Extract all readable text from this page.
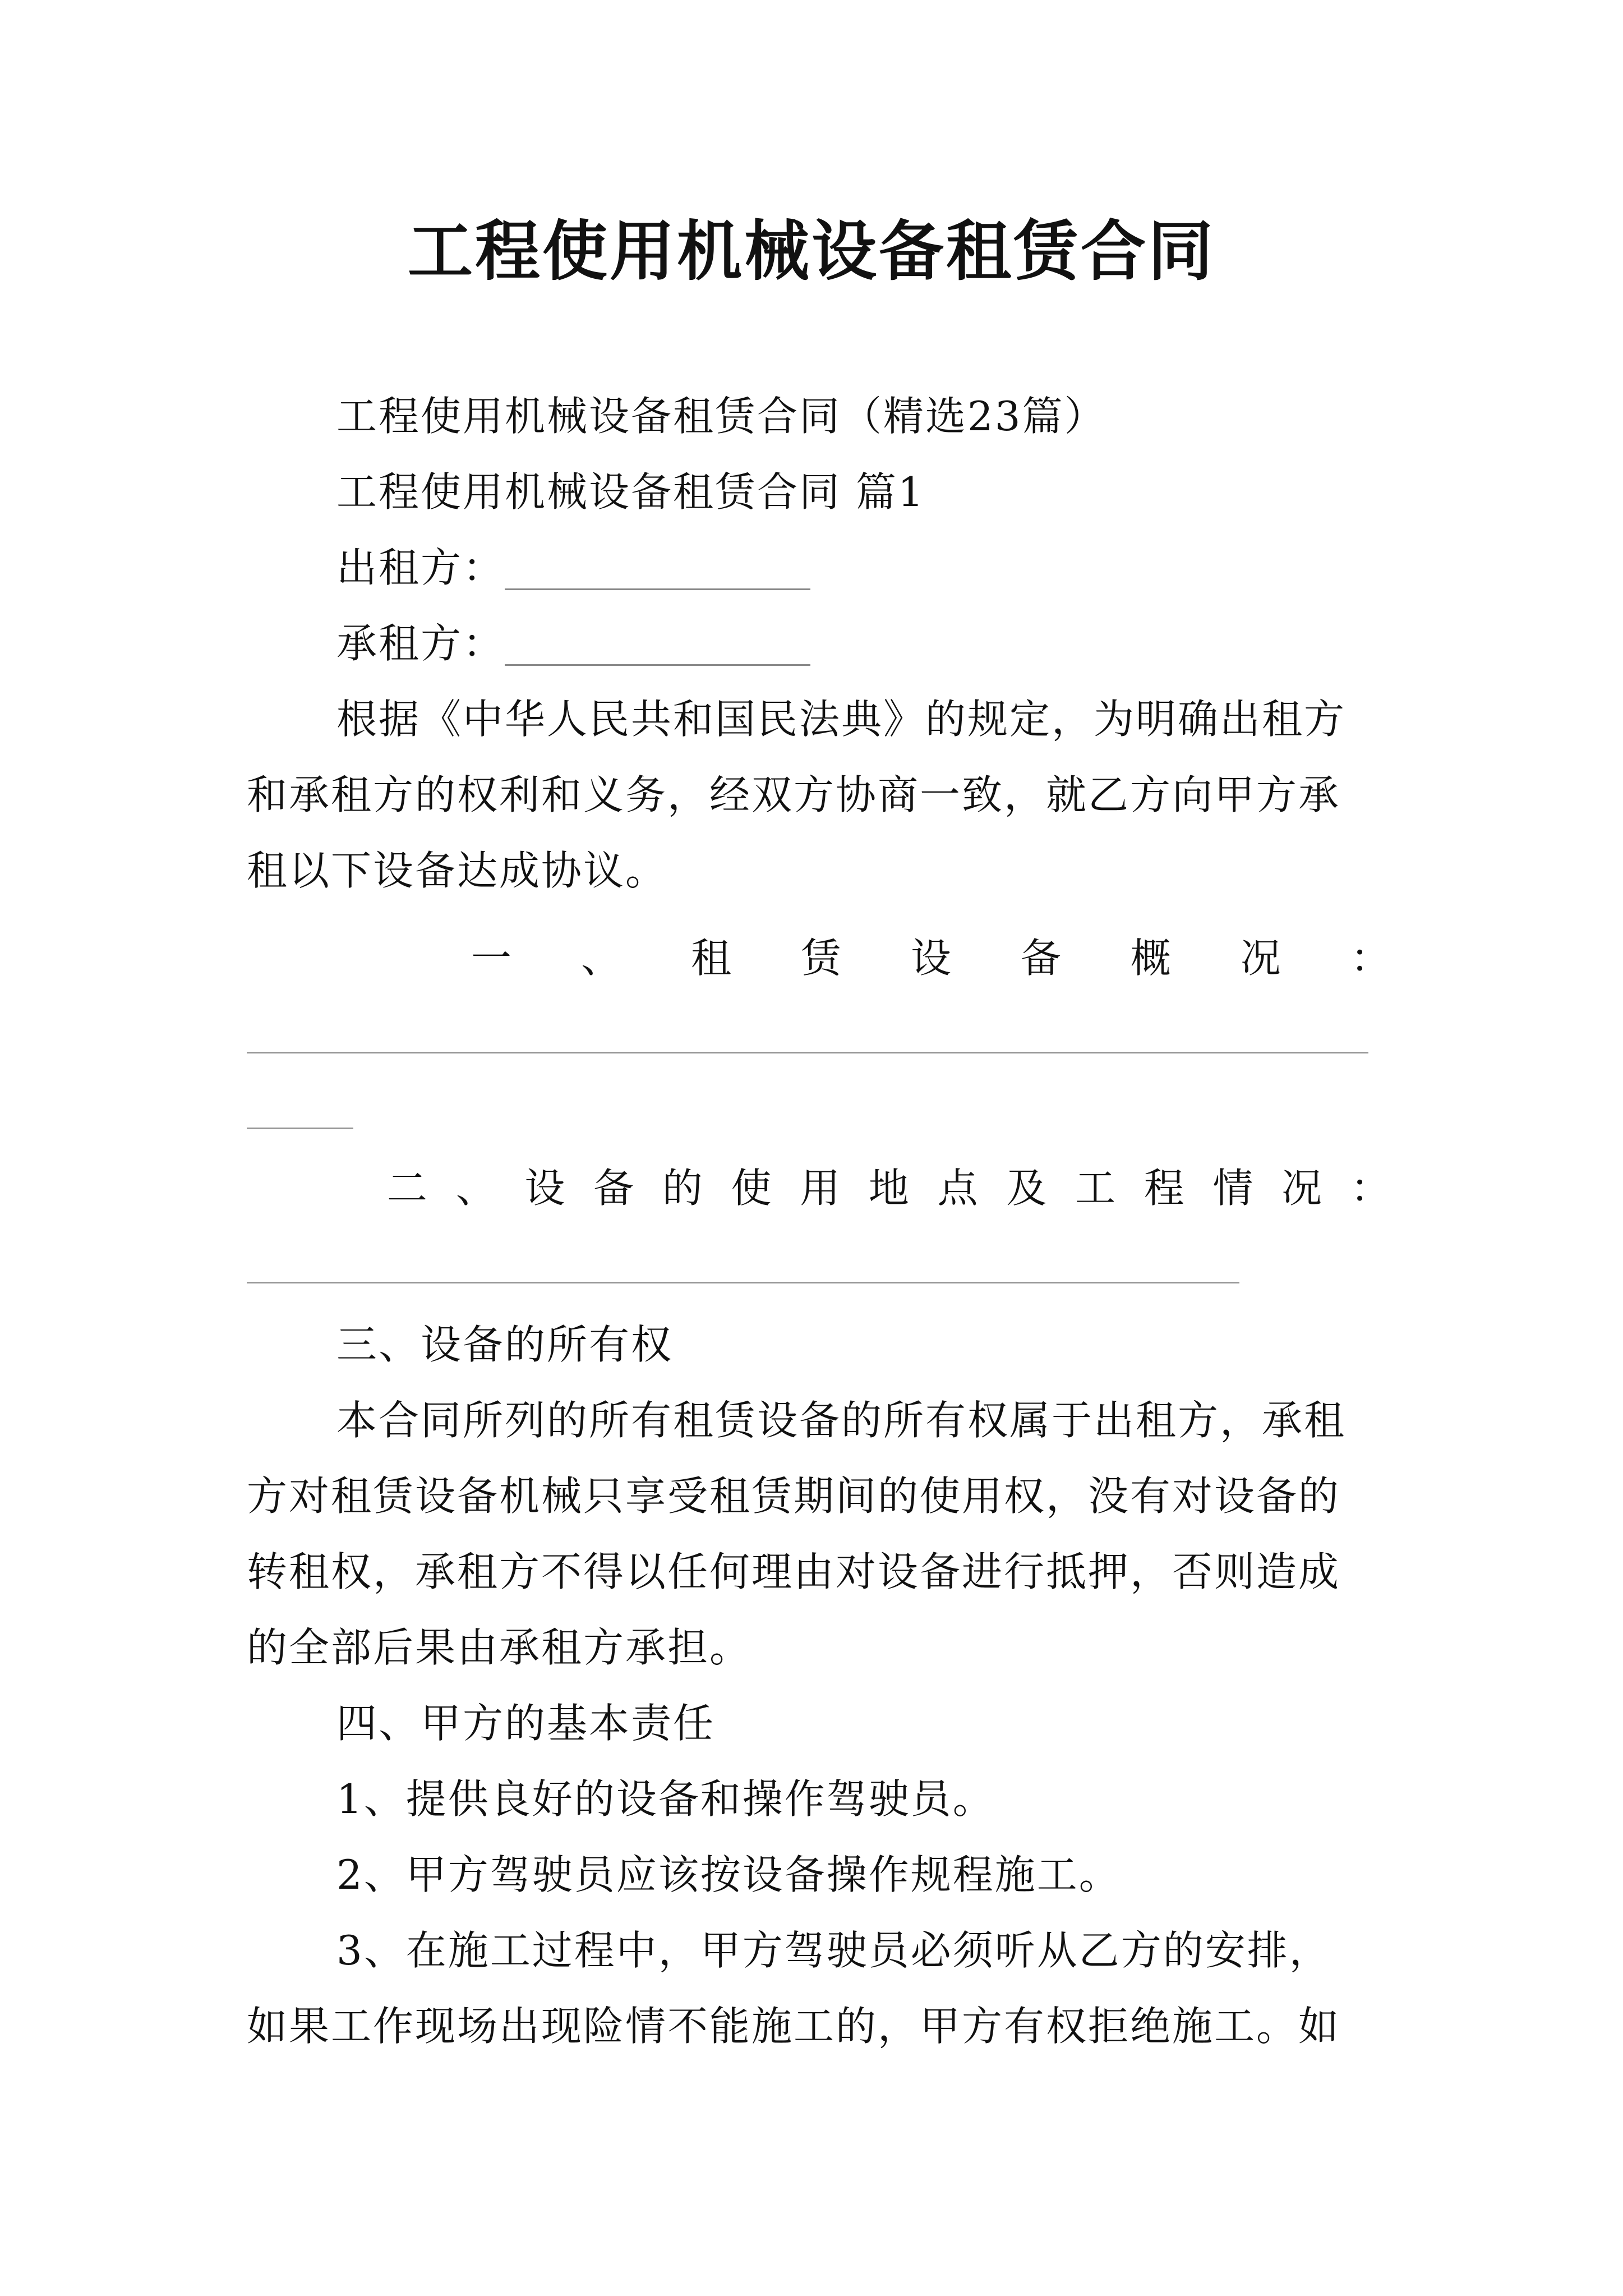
工程使用机械设备租赁合同
工程使用机械设备租赁合同（精选23篇）
工程使用机械设备租赁合同 篇1
出租方：
承租方：
根据《中华人民共和国民法典》的规定，为明确出租方
和承租方的权利和义务，经双方协商一致，就乙方向甲方承
租以下设备达成协议。
一 、 租 赁 设 备 概 况 ：
二 、 设 备 的 使 用 地 点 及 工 程 情 况 ：
三、设备的所有权
本合同所列的所有租赁设备的所有权属于出租方，承租
方对租赁设备机械只享受租赁期间的使用权，没有对设备的
转租权，承租方不得以任何理由对设备进行抵押，否则造成
的全部后果由承租方承担。
四、甲方的基本责任
1、提供良好的设备和操作驾驶员。
2、甲方驾驶员应该按设备操作规程施工。
3、在施工过程中，甲方驾驶员必须听从乙方的安排，
如果工作现场出现险情不能施工的，甲方有权拒绝施工。如
